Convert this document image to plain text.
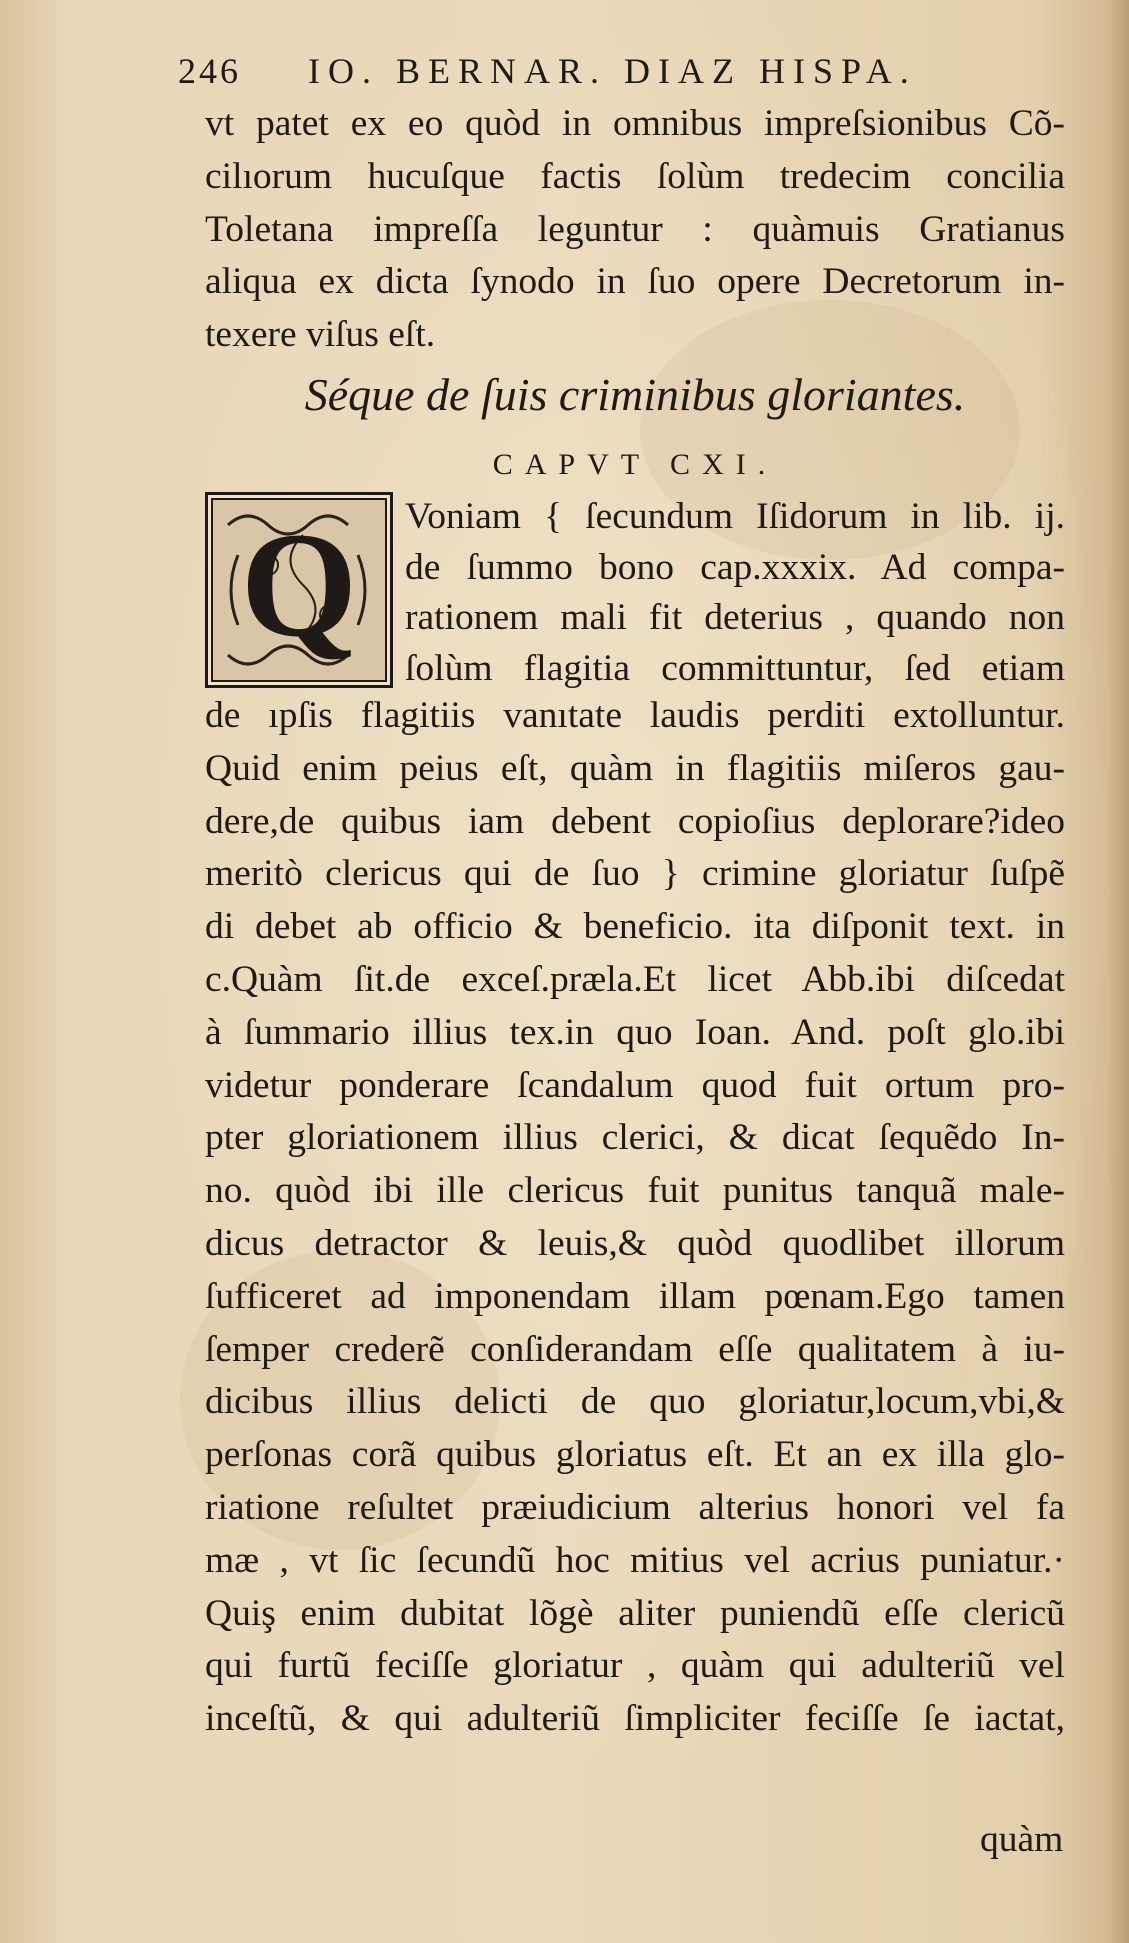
246 IO. BERNAR. DIAZ HISPA.
vt patet ex eo quòd in omnibus impreſsionibus Cõ-
cilıorum hucuſque factis ſolùm tredecim concilia
Toletana impreſſa leguntur : quàmuis Gratianus
aliqua ex dicta ſynodo in ſuo opere Decretorum in-
texere viſus eſt.
Séque de ſuis criminibus gloriantes.
CAPVT CXI.
Q Voniam { ſecundum Iſidorum in lib. ij.
de ſummo bono cap.xxxix. Ad compa-
rationem mali fit deterius , quando non
ſolùm flagitia committuntur, ſed etiam
de ıpſis flagitiis vanıtate laudis perditi extolluntur.
Quid enim peius eſt, quàm in flagitiis miſeros gau-
dere,de quibus iam debent copioſius deplorare?ideo
meritò clericus qui de ſuo } crimine gloriatur ſuſpẽ
di debet ab officio & beneficio. ita diſponit text. in
c.Quàm ſit.de exceſ.præla.Et licet Abb.ibi diſcedat
à ſummario illius tex.in quo Ioan. And. poſt glo.ibi
videtur ponderare ſcandalum quod fuit ortum pro-
pter gloriationem illius clerici, & dicat ſequẽdo In-
no. quòd ibi ille clericus fuit punitus tanquã male-
dicus detractor & leuis,& quòd quodlibet illorum
ſufficeret ad imponendam illam pœnam.Ego tamen
ſemper crederẽ conſiderandam eſſe qualitatem à iu-
dicibus illius delicti de quo gloriatur,locum,vbi,&
perſonas corã quibus gloriatus eſt. Et an ex illa glo-
riatione reſultet præiudicium alterius honori vel fa
mæ , vt ſic ſecundũ hoc mitius vel acrius puniatur.·
Quiş enim dubitat lõgè aliter puniendũ eſſe clericũ
qui furtũ feciſſe gloriatur , quàm qui adulteriũ vel
inceſtũ, & qui adulteriũ ſimpliciter feciſſe ſe iactat,
quàm
